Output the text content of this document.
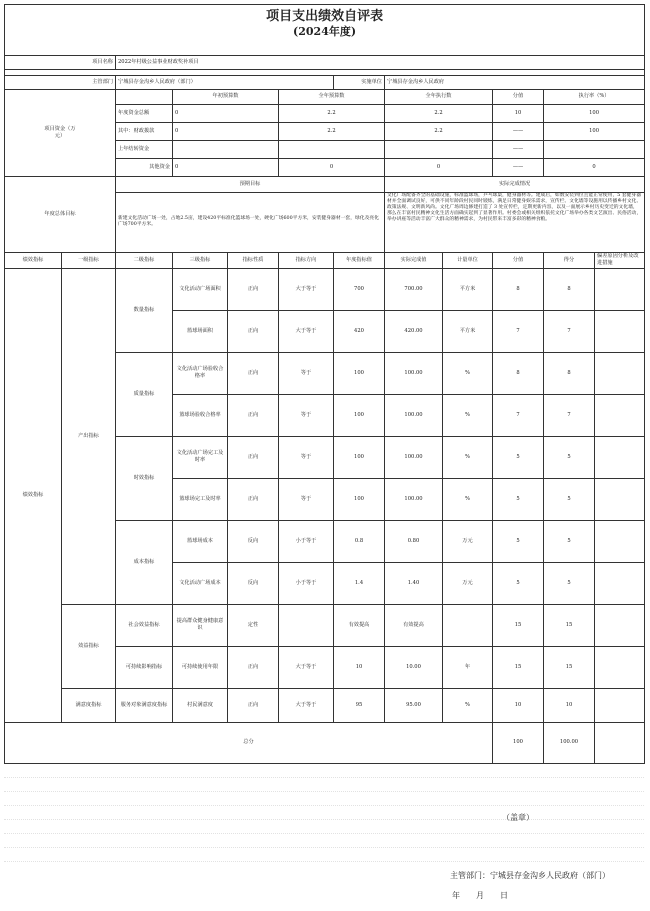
项目支出绩效自评表												
(2024年度)												
项目名称		2022年村级公益事业财政奖补项目										

主管部门		宁城县存金沟乡人民政府（部门）				实施单位	宁城县存金沟乡人民政府					
项目资金（万元）			年初预算数		全年预算数		全年执行数		分值	执行率（%）	
		年度资金总额	0		2.2		2.2		10	100	
		其中：财政拨款	0		2.2		2.2		——	100	
		上年结转资金							——		
		其他资金	0		0		0		——	0	
年度总体目标		预期目标					实际完成情况					
		新建文化活动广场一处，占地2.5亩，建设420平标准化篮球场一处，硬化广场600平方米，安装健身器材一套，绿化及亮化广场700平方米。					文化广场配备齐全的基础设施，标准篮球场，乒乓球桌，健身器材等。建成后，如数安装到位且能正常使用，5 套健身器材并全面调试良好，可供不同年龄段村民同时锻炼，满足日常健身娱乐需求，宣传栏、文化墙等设施用以传播乡村文化、政策法规、文明新风尚。文化广场周边修建打造了 3 处宣传栏，定期更新内容，以及一面展示乡村历史变迁的文化墙，那么在丰富村民精神文化生活方面确实起到了显著作用。村委会或相关组织依托文化广场举办各类文艺演出、民俗活动，举办讲座等活动丰富广大群众的精神需求，为村民带来丰富多彩的精神食粮。					
绩效指标	一级指标	二级指标	三级指标	指标性质	指标方向	年度指标值	实际完成值	计量单位	分值	得分	偏差原因分析及改进措施	
绩效指标	产出指标	数量指标	文化活动广场面积	正向	大于等于	700	700.00	平方米	8	8		
			篮球场面积	正向	大于等于	420	420.00	平方米	7	7		
		质量指标	文化活动广场验收合格率	正向	等于	100	100.00	%	8	8		
			篮球场验收合格率	正向	等于	100	100.00	%	7	7		
		时效指标	文化活动广场完工及时率	正向	等于	100	100.00	%	5	5		
			篮球场完工及时率	正向	等于	100	100.00	%	5	5		
		成本指标	篮球场成本	反向	小于等于	0.8	0.80	万元	5	5		
			文化活动广场成本	反向	小于等于	1.4	1.40	万元	5	5		
	效益指标	社会效益指标	提高群众健身健康意识	定性		有效提高	有效提高		15	15		
		可持续影响指标	可持续使用年限	正向	大于等于	10	10.00	年	15	15		
	满意度指标	服务对象满意度指标	村民满意度	正向	大于等于	95	95.00	%	10	10		
总分									100	100.00		
（盖章）
主管部门：宁城县存金沟乡人民政府（部门）
年　　月　　日
